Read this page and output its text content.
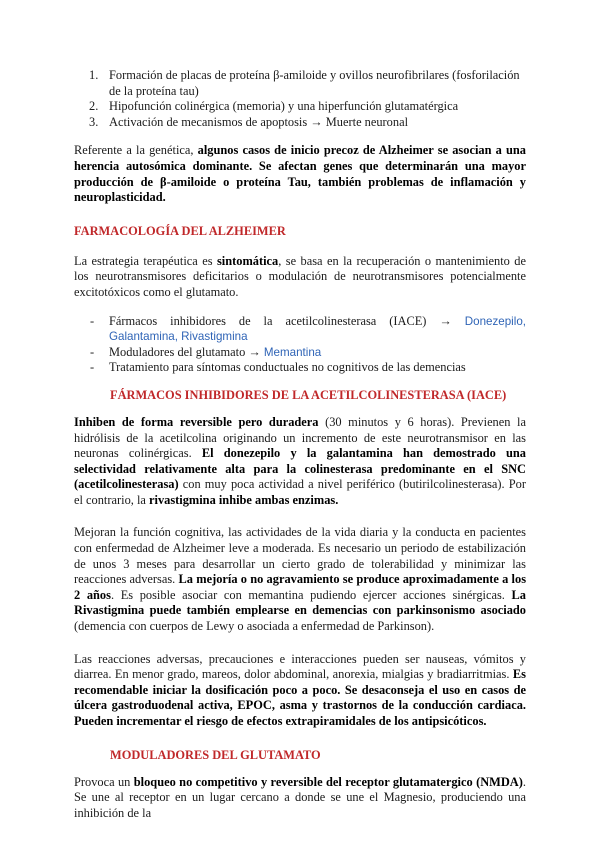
1. Formación de placas de proteína β-amiloide y ovillos neurofibrilares (fosforilación de la proteína tau)
2. Hipofunción colinérgica (memoria) y una hiperfunción glutamatérgica
3. Activación de mecanismos de apoptosis → Muerte neuronal

Referente a la genética, algunos casos de inicio precoz de Alzheimer se asocian a una herencia autosómica dominante. Se afectan genes que determinarán una mayor producción de β-amiloide o proteína Tau, también problemas de inflamación y neuroplasticidad.

FARMACOLOGÍA DEL ALZHEIMER

La estrategia terapéutica es sintomática, se basa en la recuperación o mantenimiento de los neurotransmisores deficitarios o modulación de neurotransmisores potencialmente excitotóxicos como el glutamato.

- Fármacos inhibidores de la acetilcolinesterasa (IACE) → Donezepilo, Galantamina, Rivastigmina
- Moduladores del glutamato → Memantina
- Tratamiento para síntomas conductuales no cognitivos de las demencias

FÁRMACOS INHIBIDORES DE LA ACETILCOLINESTERASA (IACE)

Inhiben de forma reversible pero duradera (30 minutos y 6 horas). Previenen la hidrólisis de la acetilcolina originando un incremento de este neurotransmisor en las neuronas colinérgicas. El donezepilo y la galantamina han demostrado una selectividad relativamente alta para la colinesterasa predominante en el SNC (acetilcolinesterasa) con muy poca actividad a nivel periférico (butirilcolinesterasa). Por el contrario, la rivastigmina inhibe ambas enzimas.

Mejoran la función cognitiva, las actividades de la vida diaria y la conducta en pacientes con enfermedad de Alzheimer leve a moderada. Es necesario un periodo de estabilización de unos 3 meses para desarrollar un cierto grado de tolerabilidad y minimizar las reacciones adversas. La mejoría o no agravamiento se produce aproximadamente a los 2 años. Es posible asociar con memantina pudiendo ejercer acciones sinérgicas. La Rivastigmina puede también emplearse en demencias con parkinsonismo asociado (demencia con cuerpos de Lewy o asociada a enfermedad de Parkinson).

Las reacciones adversas, precauciones e interacciones pueden ser nauseas, vómitos y diarrea. En menor grado, mareos, dolor abdominal, anorexia, mialgias y bradiarritmias. Es recomendable iniciar la dosificación poco a poco. Se desaconseja el uso en casos de úlcera gastroduodenal activa, EPOC, asma y trastornos de la conducción cardiaca. Pueden incrementar el riesgo de efectos extrapiramidales de los antipsicóticos.

MODULADORES DEL GLUTAMATO

Provoca un bloqueo no competitivo y reversible del receptor glutamatergico (NMDA). Se une al receptor en un lugar cercano a donde se une el Magnesio, produciendo una inhibición de la
